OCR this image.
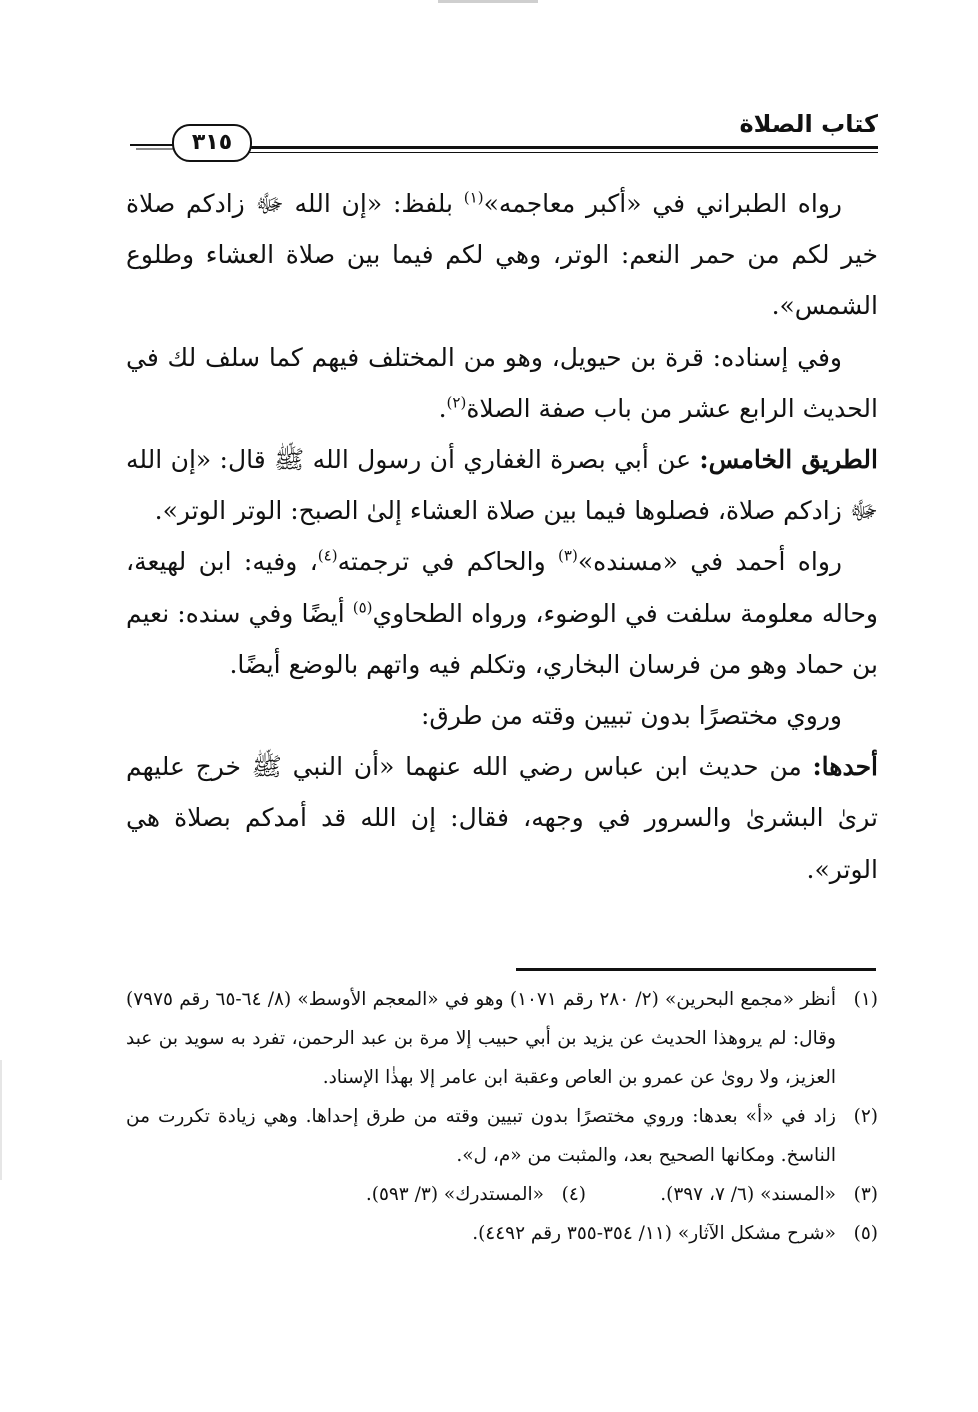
كتاب الصلاة
٣١٥

رواه الطبراني في «أكبر معاجمه»$^{(١)}$ بلفظ: «إن الله ﷻ زادكم صلاة خير لكم من حمر النعم: الوتر، وهي لكم فيما بين صلاة العشاء وطلوع الشمس».

وفي إسناده: قرة بن حيويل، وهو من المختلف فيهم كما سلف لك في الحديث الرابع عشر من باب صفة الصلاة$^{(٢)}$.

الطريق الخامس: عن أبي بصرة الغفاري أن رسول الله ﷺ قال: «إن الله ﷻ زادكم صلاة، فصلوها فيما بين صلاة العشاء إلىٰ الصبح: الوتر الوتر».

رواه أحمد في «مسنده»$^{(٣)}$ والحاكم في ترجمته$^{(٤)}$، وفيه: ابن لهيعة، وحاله معلومة سلفت في الوضوء، ورواه الطحاوي$^{(٥)}$ أيضًا وفي سنده: نعيم بن حماد وهو من فرسان البخاري، وتكلم فيه واتهم بالوضع أيضًا.

وروي مختصرًا بدون تبيين وقته من طرق:

أحدها: من حديث ابن عباس رضي الله عنهما «أن النبي ﷺ خرج عليهم ترىٰ البشرىٰ والسرور في وجهه، فقال: إن الله قد أمدكم بصلاة هي الوتر».

(١)
أنظر «مجمع البحرين» (٢/ ٢٨٠ رقم ١٠٧١) وهو في «المعجم الأوسط» (٨/ ٦٤-٦٥ رقم ٧٩٧٥) وقال: لم يروهذا الحديث عن يزيد بن أبي حبيب إلا مرة بن عبد الرحمن، تفرد به سويد بن عبد العزيز، ولا روىٰ عن عمرو بن العاص وعقبة ابن عامر إلا بهذٰا الإسناد.
(٢)
زاد في «أ» بعدها: وروي مختصرًا بدون تبيين وقته من طرق إحداها. وهي زيادة تكررت من الناسخ. ومكانها الصحيح بعد، والمثبت من «م، ل».
(٣)
«المسند» (٦/ ٧، ٣٩٧).
(٤)
«المستدرك» (٣/ ٥٩٣).
(٥)
«شرح مشكل الآثار» (١١/ ٣٥٤-٣٥٥ رقم ٤٤٩٢).
